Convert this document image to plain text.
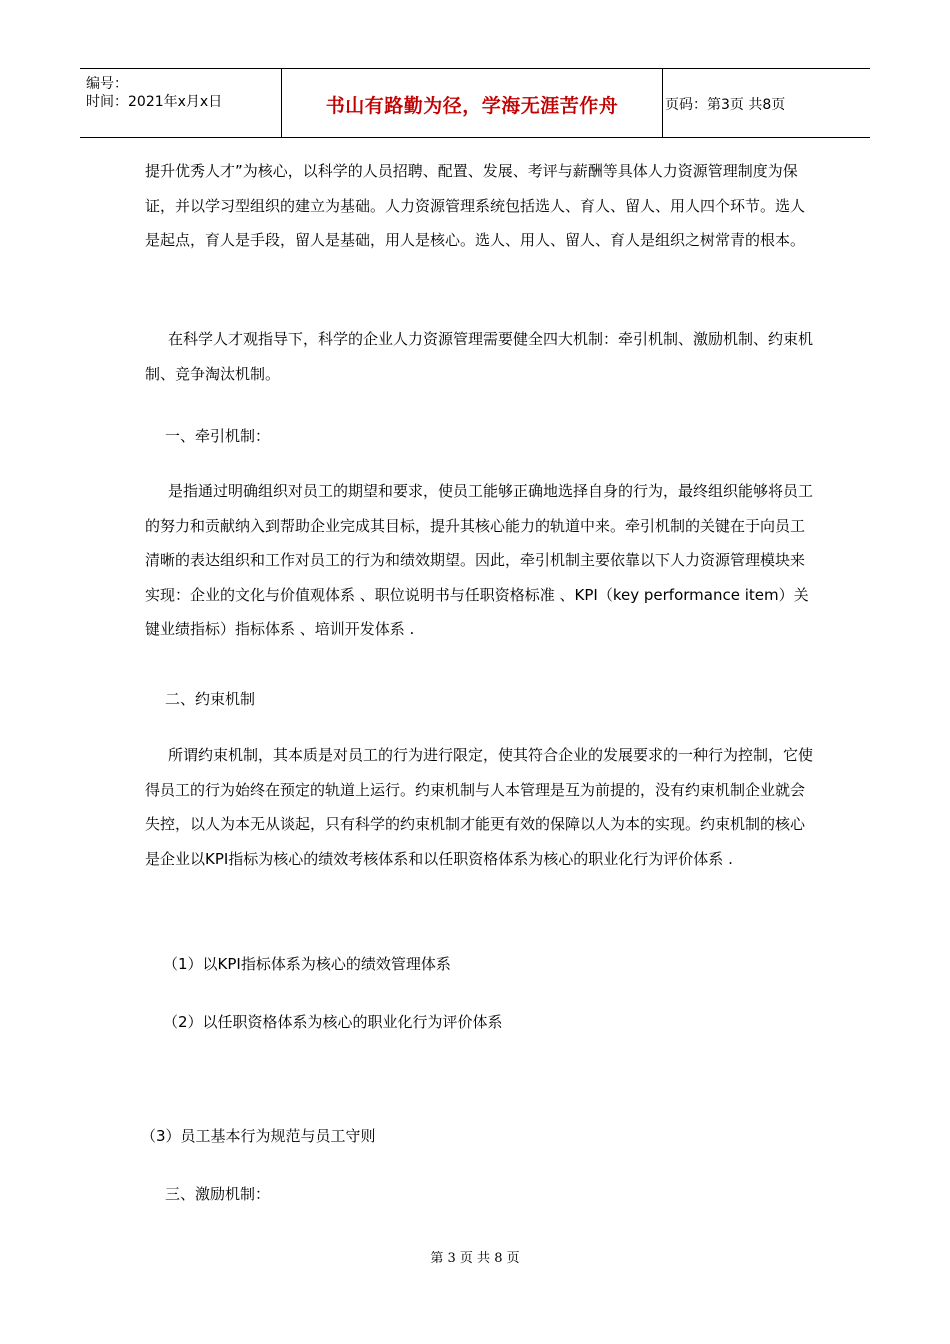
编号：
时间：2021年x月x日	书山有路勤为径，学海无涯苦作舟	页码：第3页 共8页

提升优秀人才”为核心，以科学的人员招聘、配置、发展、考评与薪酬等具体人力资源管理制度为保证，并以学习型组织的建立为基础。人力资源管理系统包括选人、育人、留人、用人四个环节。选人是起点，育人是手段，留人是基础，用人是核心。选人、用人、留人、育人是组织之树常青的根本。

在科学人才观指导下，科学的企业人力资源管理需要健全四大机制：牵引机制、激励机制、约束机制、竞争淘汰机制。

一、牵引机制：

是指通过明确组织对员工的期望和要求，使员工能够正确地选择自身的行为，最终组织能够将员工的努力和贡献纳入到帮助企业完成其目标，提升其核心能力的轨道中来。牵引机制的关键在于向员工清晰的表达组织和工作对员工的行为和绩效期望。因此，牵引机制主要依靠以下人力资源管理模块来实现：企业的文化与价值观体系 、职位说明书与任职资格标准 、KPI（key performance item）关键业绩指标）指标体系 、培训开发体系 .

二、约束机制

所谓约束机制，其本质是对员工的行为进行限定，使其符合企业的发展要求的一种行为控制，它使得员工的行为始终在预定的轨道上运行。约束机制与人本管理是互为前提的，没有约束机制企业就会失控，以人为本无从谈起，只有科学的约束机制才能更有效的保障以人为本的实现。约束机制的核心是企业以KPI指标为核心的绩效考核体系和以任职资格体系为核心的职业化行为评价体系 .

（1）以KPI指标体系为核心的绩效管理体系
（2）以任职资格体系为核心的职业化行为评价体系
（3）员工基本行为规范与员工守则
三、激励机制：
第 3 页 共 8 页
